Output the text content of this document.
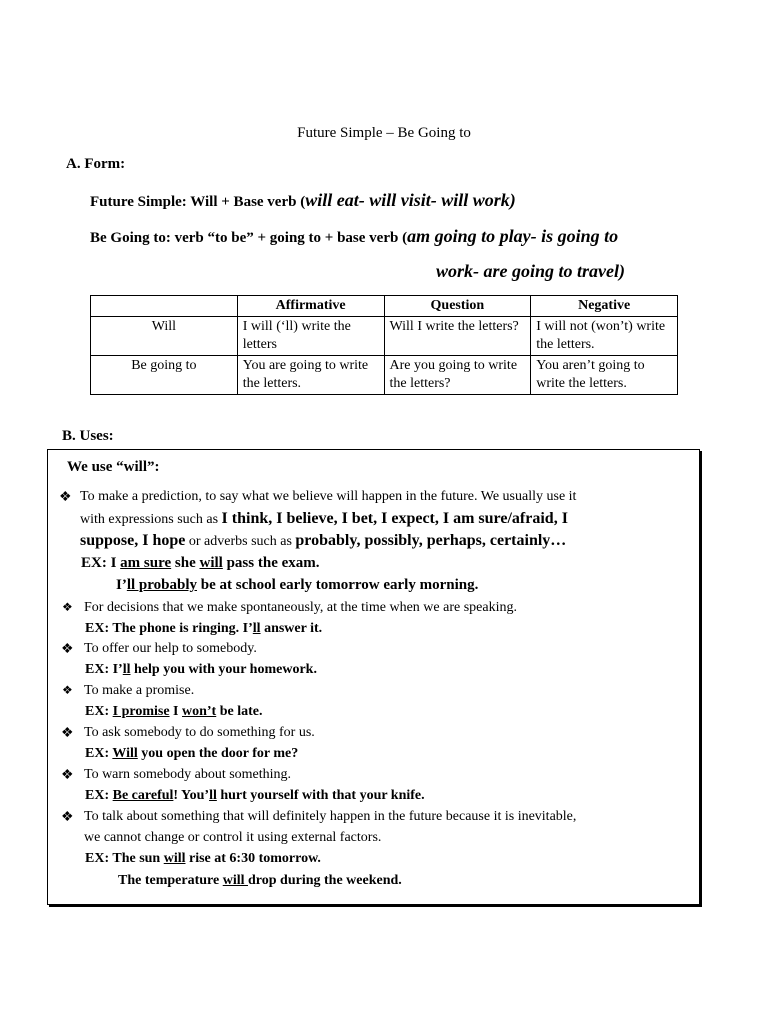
Future Simple – Be Going to
A. Form:
Future Simple: Will + Base verb (will eat- will visit- will work)
Be Going to: verb “to be” + going to + base verb (am going to play- is going to
work- are going to travel)
	Affirmative	Question	Negative
Will	I will (‘ll) write the letters	Will I write the letters?	I will not (won’t) write the letters.
Be going to	You are going to write the letters.	Are you going to write the letters?	You aren’t going to write the letters.
B. Uses:
We use “will”:
❖ To make a prediction, to say what we believe will happen in the future. We usually use it
with expressions such as I think, I believe, I bet, I expect, I am sure/afraid, I
suppose, I hope or adverbs such as probably, possibly, perhaps, certainly…
EX: I am sure she will pass the exam.
I’ll probably be at school early tomorrow early morning.
❖ For decisions that we make spontaneously, at the time when we are speaking.
EX: The phone is ringing. I’ll answer it.
❖ To offer our help to somebody.
EX: I’ll help you with your homework.
❖ To make a promise.
EX: I promise I won’t be late.
❖ To ask somebody to do something for us.
EX: Will you open the door for me?
❖ To warn somebody about something.
EX: Be careful! You’ll hurt yourself with that your knife.
❖ To talk about something that will definitely happen in the future because it is inevitable,
we cannot change or control it using external factors.
EX: The sun will rise at 6:30 tomorrow.
The temperature will drop during the weekend.
